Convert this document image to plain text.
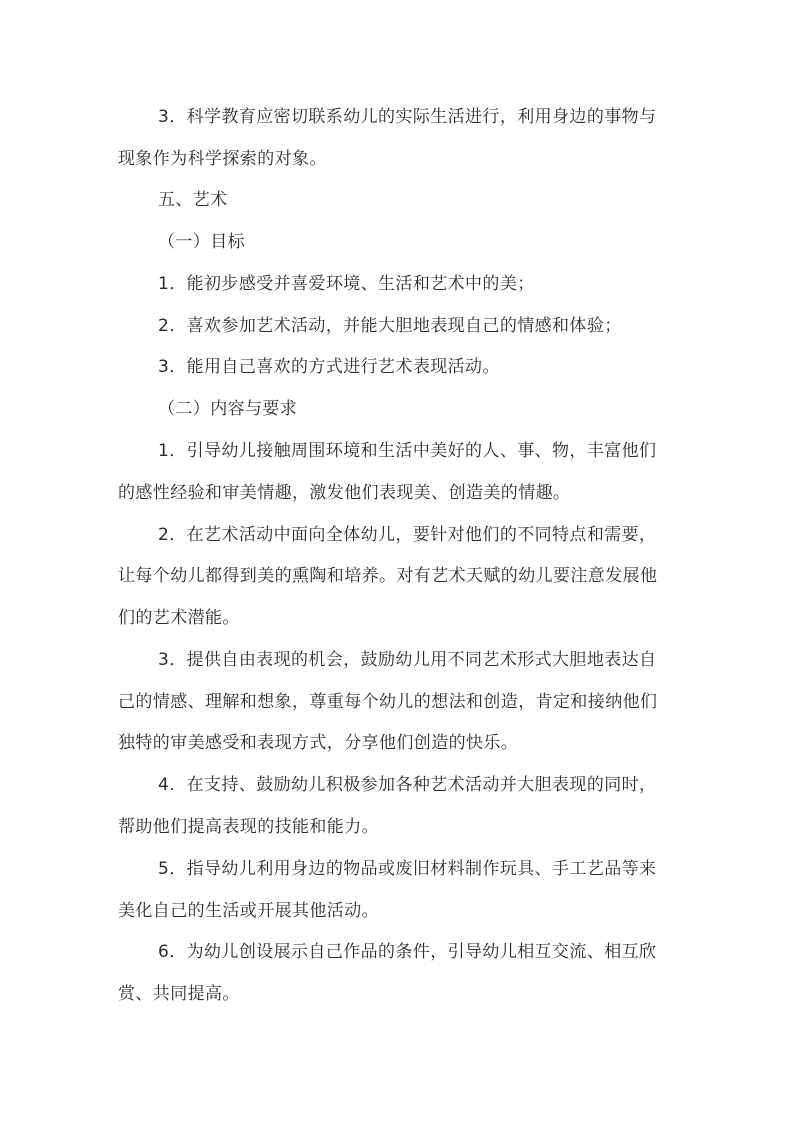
3．科学教育应密切联系幼儿的实际生活进行，利用身边的事物与
现象作为科学探索的对象。
五、艺术
（一）目标
1．能初步感受并喜爱环境、生活和艺术中的美；
2．喜欢参加艺术活动，并能大胆地表现自己的情感和体验；
3．能用自己喜欢的方式进行艺术表现活动。
（二）内容与要求
1．引导幼儿接触周围环境和生活中美好的人、事、物，丰富他们
的感性经验和审美情趣，激发他们表现美、创造美的情趣。
2．在艺术活动中面向全体幼儿，要针对他们的不同特点和需要，
让每个幼儿都得到美的熏陶和培养。对有艺术天赋的幼儿要注意发展他
们的艺术潜能。
3．提供自由表现的机会，鼓励幼儿用不同艺术形式大胆地表达自
己的情感、理解和想象，尊重每个幼儿的想法和创造，肯定和接纳他们
独特的审美感受和表现方式，分享他们创造的快乐。
4．在支持、鼓励幼儿积极参加各种艺术活动并大胆表现的同时，
帮助他们提高表现的技能和能力。
5．指导幼儿利用身边的物品或废旧材料制作玩具、手工艺品等来
美化自己的生活或开展其他活动。
6．为幼儿创设展示自己作品的条件，引导幼儿相互交流、相互欣
赏、共同提高。
